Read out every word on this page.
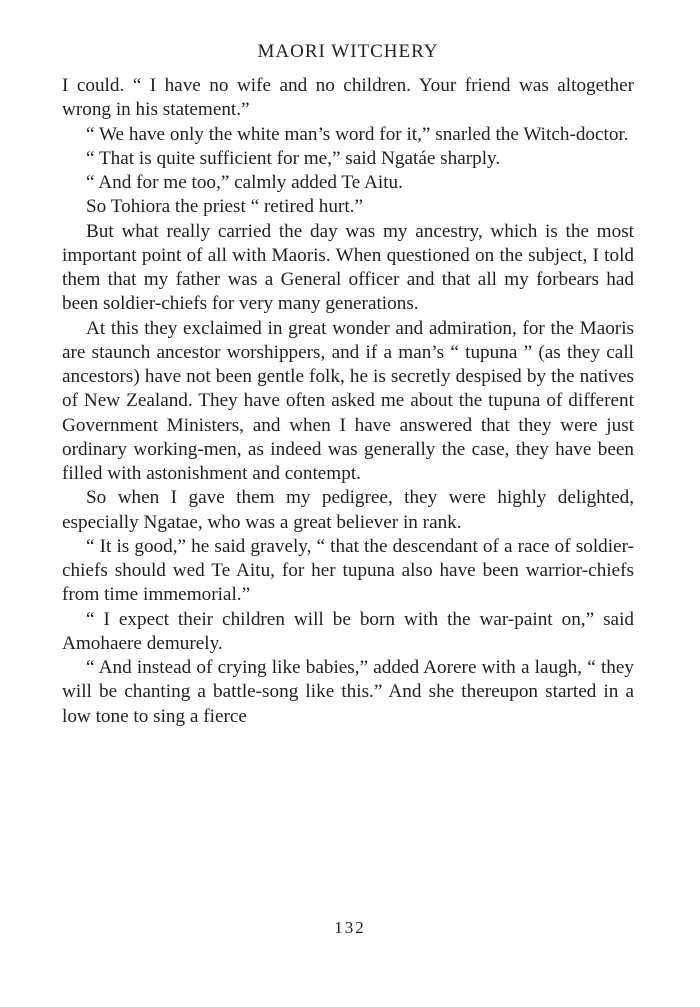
MAORI WITCHERY

I could. “ I have no wife and no children. Your friend was altogether wrong in his statement.”

“ We have only the white man’s word for it,” snarled the Witch-doctor.

“ That is quite sufficient for me,” said Ngatáe sharply.

“ And for me too,” calmly added Te Aitu.

So Tohiora the priest “ retired hurt.”

But what really carried the day was my ancestry, which is the most important point of all with Maoris. When questioned on the subject, I told them that my father was a General officer and that all my forbears had been soldier-chiefs for very many generations.

At this they exclaimed in great wonder and admiration, for the Maoris are staunch ancestor worshippers, and if a man’s “ tupuna ” (as they call ancestors) have not been gentle folk, he is secretly despised by the natives of New Zealand. They have often asked me about the tupuna of different Government Ministers, and when I have answered that they were just ordinary working-men, as indeed was generally the case, they have been filled with astonishment and contempt.

So when I gave them my pedigree, they were highly delighted, especially Ngatae, who was a great believer in rank.

“ It is good,” he said gravely, “ that the descendant of a race of soldier-chiefs should wed Te Aitu, for her tupuna also have been warrior-chiefs from time immemorial.”

“ I expect their children will be born with the war-paint on,” said Amohaere demurely.

“ And instead of crying like babies,” added Aorere with a laugh, “ they will be chanting a battle-song like this.” And she thereupon started in a low tone to sing a fierce

132
